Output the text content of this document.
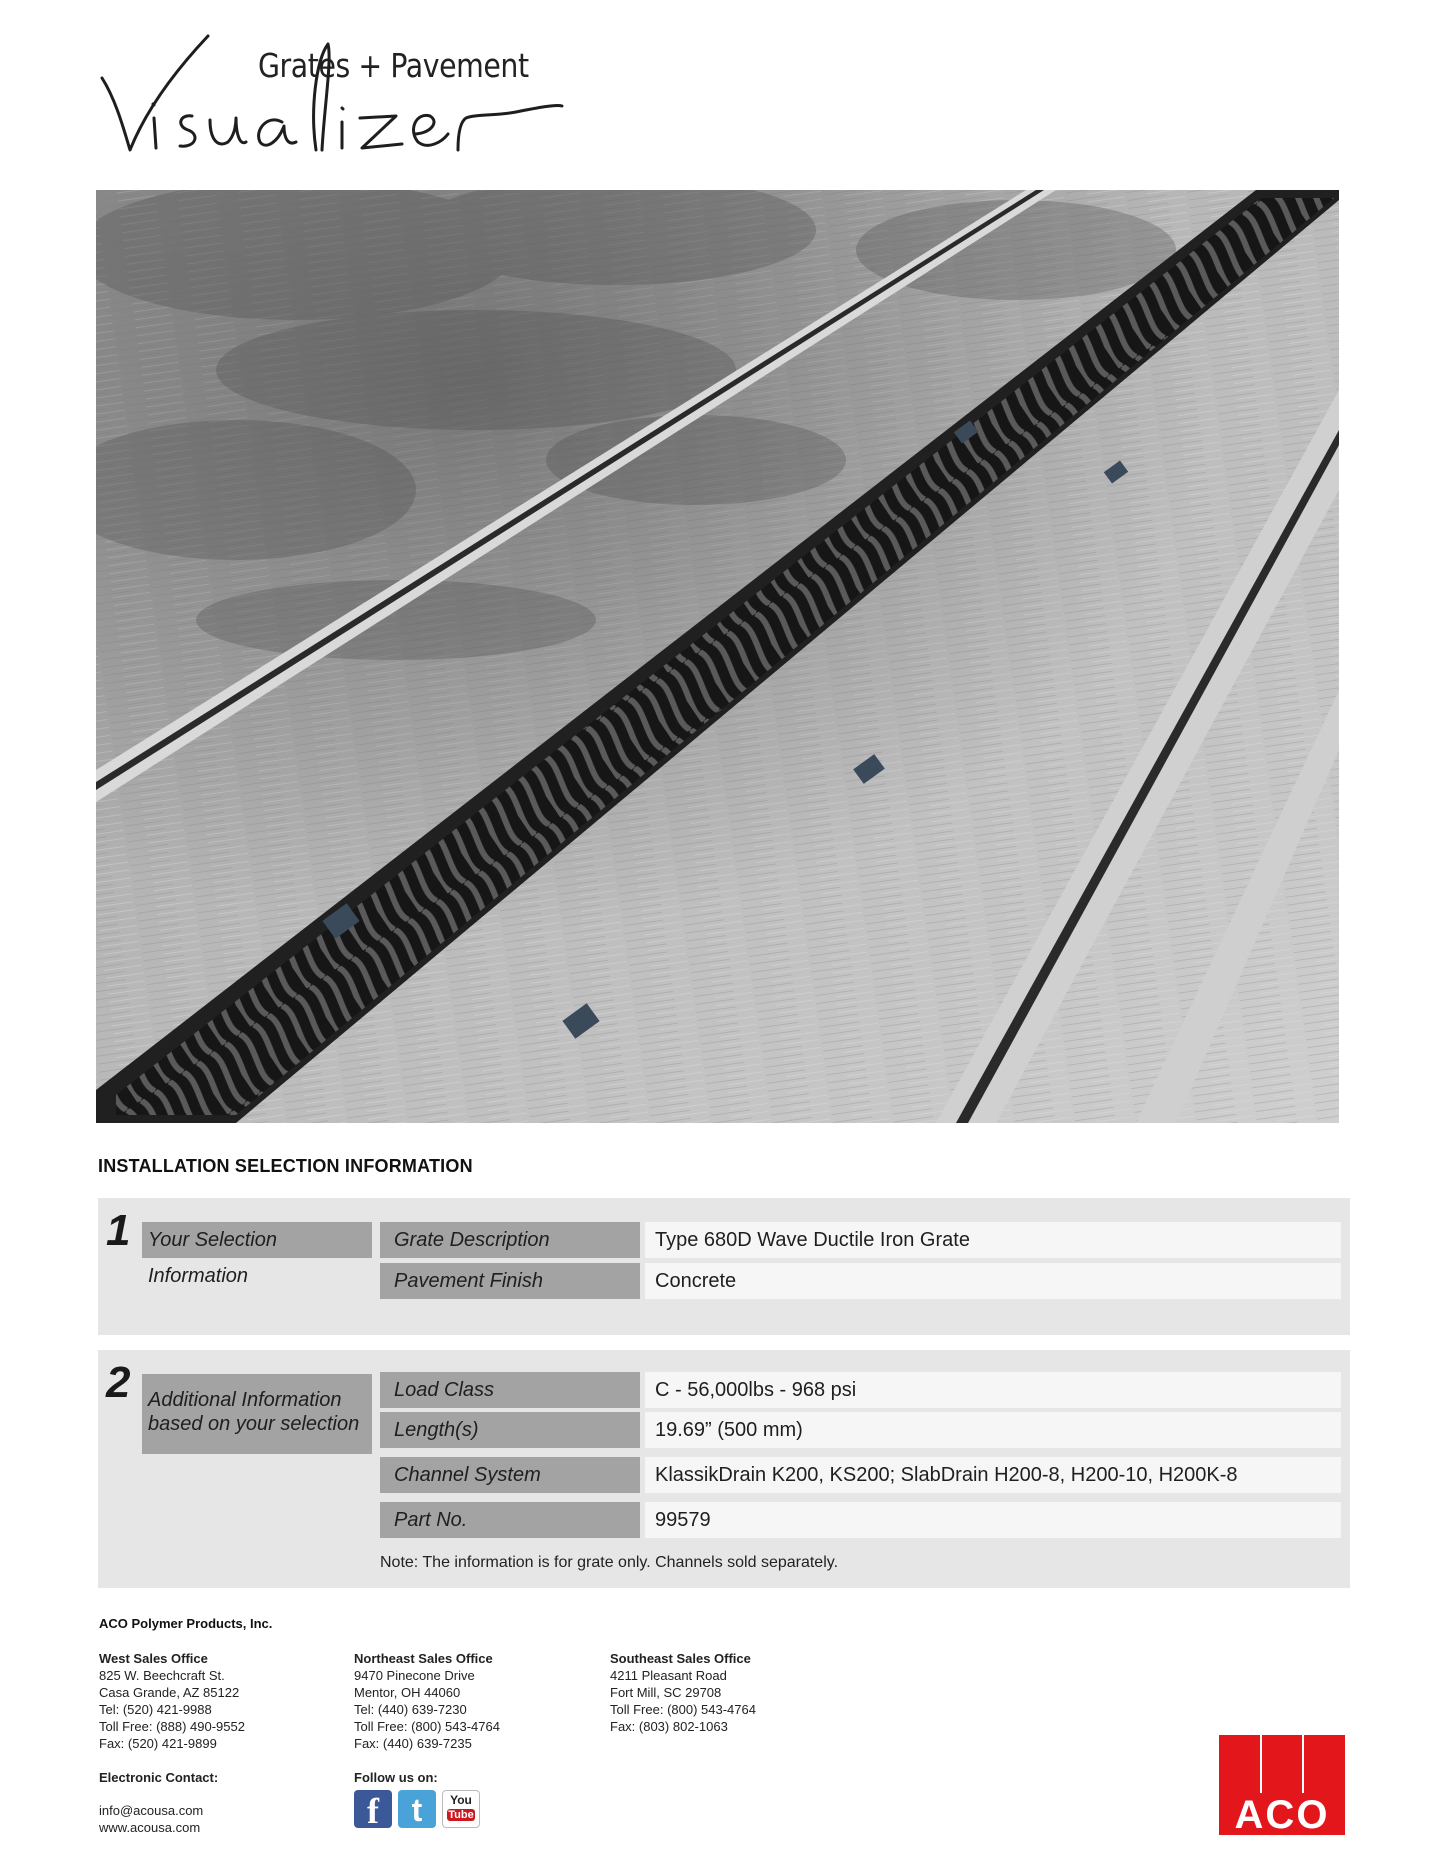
Grates + Pavement
INSTALLATION SELECTION INFORMATION
1 Your Selection Information
Grate Description	Type 680D Wave Ductile Iron Grate
Pavement Finish	Concrete
2 Additional Information
based on your selection
Load Class	C - 56,000lbs - 968 psi
Length(s)	19.69” (500 mm)
Channel System	KlassikDrain K200, KS200; SlabDrain H200-8, H200-10, H200K-8
Part No.	99579
Note: The information is for grate only. Channels sold separately.
ACO Polymer Products, Inc.
West Sales Office
825 W. Beechcraft St.
Casa Grande, AZ 85122
Tel: (520) 421-9988
Toll Free: (888) 490-9552
Fax: (520) 421-9899
Northeast Sales Office
9470 Pinecone Drive
Mentor, OH 44060
Tel: (440) 639-7230
Toll Free: (800) 543-4764
Fax: (440) 639-7235
Southeast Sales Office
4211 Pleasant Road
Fort Mill, SC 29708
Toll Free: (800) 543-4764
Fax: (803) 802-1063
Electronic Contact:
info@acousa.com
www.acousa.com
Follow us on:
f	t	You
Tube	ACO
